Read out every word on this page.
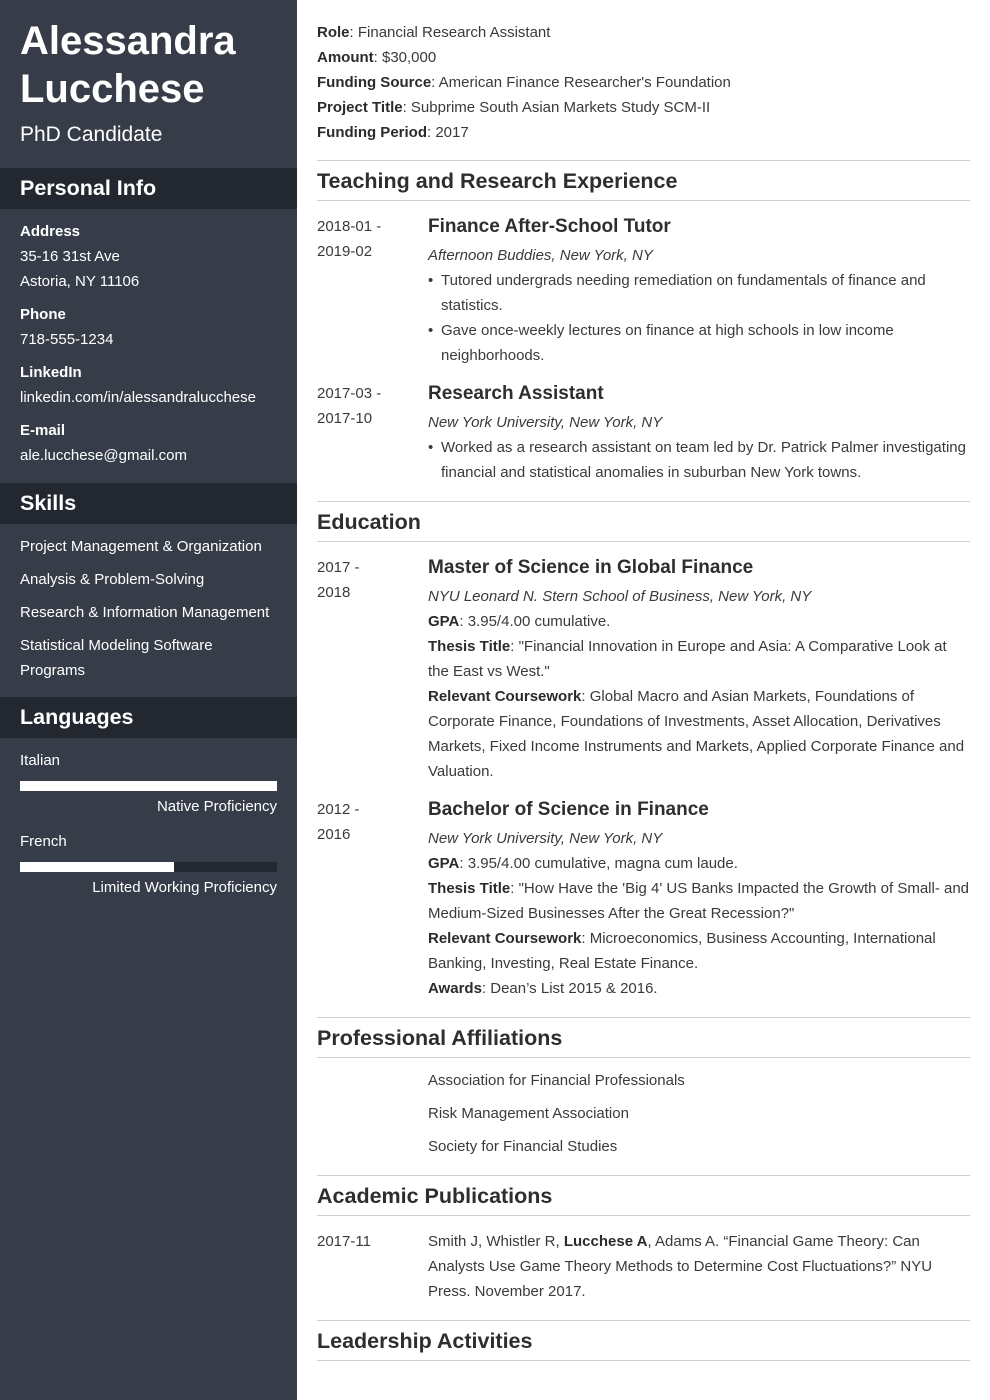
Alessandra
Lucchese
PhD Candidate
Personal Info
Address
35-16 31st Ave
Astoria, NY 11106
Phone
718-555-1234
LinkedIn
linkedin.com/in/alessandralucchese
E-mail
ale.lucchese@gmail.com
Skills
Project Management & Organization
Analysis & Problem-Solving
Research & Information Management
Statistical Modeling Software Programs
Languages
Italian
Native Proficiency
French
Limited Working Proficiency
Role: Financial Research Assistant
Amount: $30,000
Funding Source: American Finance Researcher's Foundation
Project Title: Subprime South Asian Markets Study SCM-II
Funding Period: 2017
Teaching and Research Experience
2018-01 -
2019-02
Finance After-School Tutor
Afternoon Buddies, New York, NY
• Tutored undergrads needing remediation on fundamentals of finance and statistics.
• Gave once-weekly lectures on finance at high schools in low income neighborhoods.
2017-03 -
2017-10
Research Assistant
New York University, New York, NY
• Worked as a research assistant on team led by Dr. Patrick Palmer investigating financial and statistical anomalies in suburban New York towns.
Education
2017 -
2018
Master of Science in Global Finance
NYU Leonard N. Stern School of Business, New York, NY
GPA: 3.95/4.00 cumulative.
Thesis Title: "Financial Innovation in Europe and Asia: A Comparative Look at the East vs West."
Relevant Coursework: Global Macro and Asian Markets, Foundations of Corporate Finance, Foundations of Investments, Asset Allocation, Derivatives Markets, Fixed Income Instruments and Markets, Applied Corporate Finance and Valuation.
2012 -
2016
Bachelor of Science in Finance
New York University, New York, NY
GPA: 3.95/4.00 cumulative, magna cum laude.
Thesis Title: "How Have the 'Big 4' US Banks Impacted the Growth of Small- and Medium-Sized Businesses After the Great Recession?"
Relevant Coursework: Microeconomics, Business Accounting, International Banking, Investing, Real Estate Finance.
Awards: Dean’s List 2015 & 2016.
Professional Affiliations
Association for Financial Professionals
Risk Management Association
Society for Financial Studies
Academic Publications
2017-11	Smith J, Whistler R, Lucchese A, Adams A. “Financial Game Theory: Can Analysts Use Game Theory Methods to Determine Cost Fluctuations?” NYU Press. November 2017.
Leadership Activities
